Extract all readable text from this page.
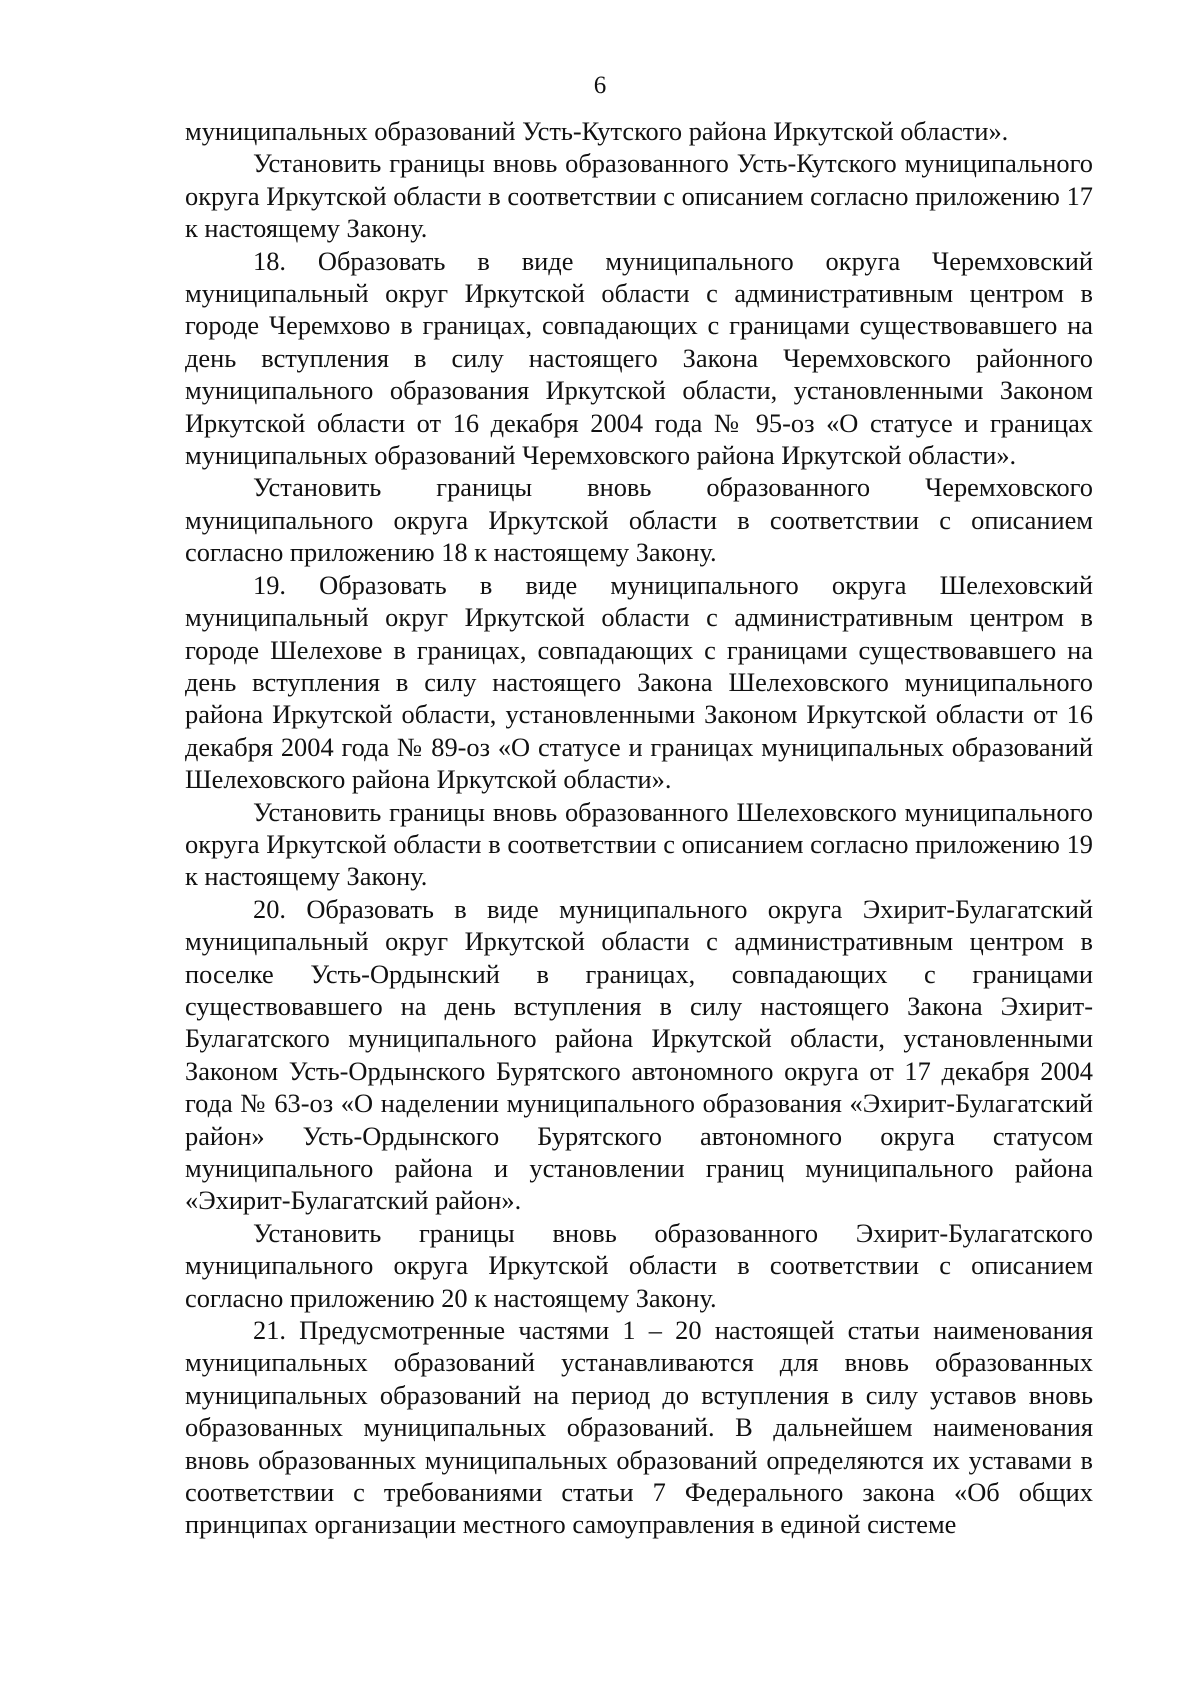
6

муниципальных образований Усть-Кутского района Иркутской области».

Установить границы вновь образованного Усть-Кутского муниципального округа Иркутской области в соответствии с описанием согласно приложению 17 к настоящему Закону.

18. Образовать в виде муниципального округа Черемховский муниципальный округ Иркутской области с административным центром в городе Черемхово в границах, совпадающих с границами существовавшего на день вступления в силу настоящего Закона Черемховского районного муниципального образования Иркутской области, установленными Законом Иркутской области от 16 декабря 2004 года № 95-оз «О статусе и границах муниципальных образований Черемховского района Иркутской области».

Установить границы вновь образованного Черемховского муниципального округа Иркутской области в соответствии с описанием согласно приложению 18 к настоящему Закону.

19. Образовать в виде муниципального округа Шелеховский муниципальный округ Иркутской области с административным центром в городе Шелехове в границах, совпадающих с границами существовавшего на день вступления в силу настоящего Закона Шелеховского муниципального района Иркутской области, установленными Законом Иркутской области от 16 декабря 2004 года № 89-оз «О статусе и границах муниципальных образований Шелеховского района Иркутской области».

Установить границы вновь образованного Шелеховского муниципального округа Иркутской области в соответствии с описанием согласно приложению 19 к настоящему Закону.

20. Образовать в виде муниципального округа Эхирит-Булагатский муниципальный округ Иркутской области с административным центром в поселке Усть-Ордынский в границах, совпадающих с границами существовавшего на день вступления в силу настоящего Закона Эхирит-Булагатского муниципального района Иркутской области, установленными Законом Усть-Ордынского Бурятского автономного округа от 17 декабря 2004 года № 63-оз «О наделении муниципального образования «Эхирит-Булагатский район» Усть-Ордынского Бурятского автономного округа статусом муниципального района и установлении границ муниципального района «Эхирит-Булагатский район».

Установить границы вновь образованного Эхирит-Булагатского муниципального округа Иркутской области в соответствии с описанием согласно приложению 20 к настоящему Закону.

21. Предусмотренные частями 1 – 20 настоящей статьи наименования муниципальных образований устанавливаются для вновь образованных муниципальных образований на период до вступления в силу уставов вновь образованных муниципальных образований. В дальнейшем наименования вновь образованных муниципальных образований определяются их уставами в соответствии с требованиями статьи 7 Федерального закона «Об общих принципах организации местного самоуправления в единой системе
